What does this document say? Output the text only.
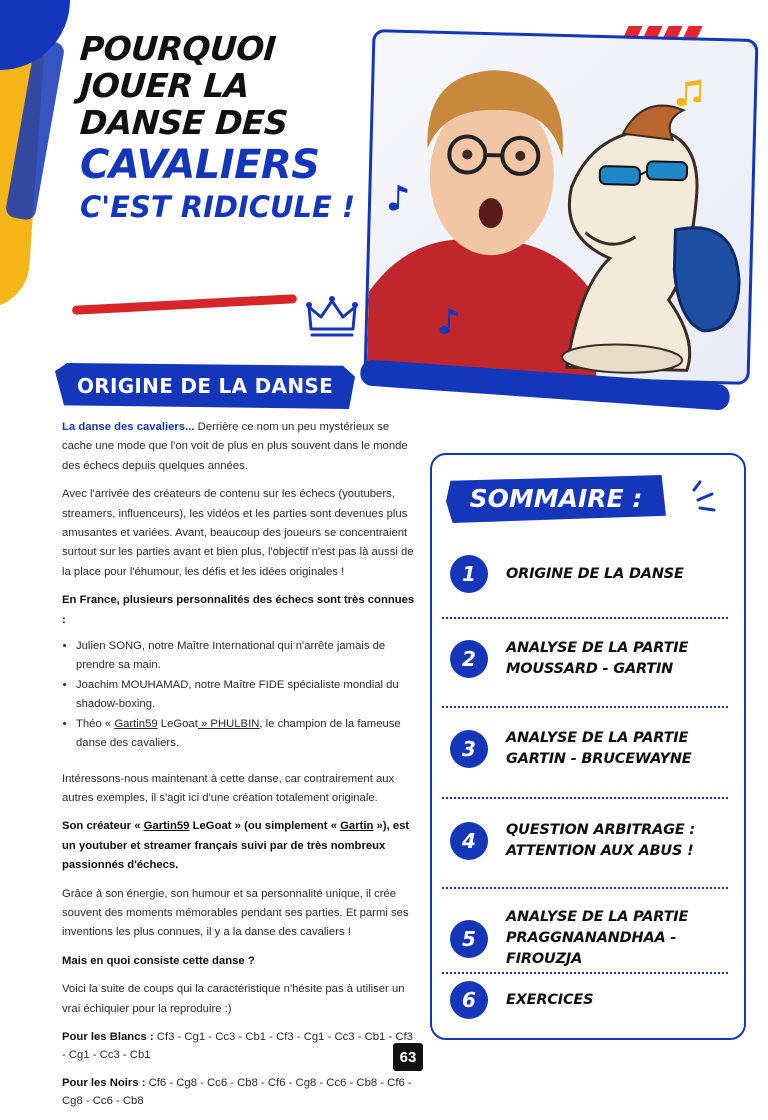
POURQUOI
JOUER LA
DANSE DES
CAVALIERS
C'EST RIDICULE !
ORIGINE DE LA DANSE

La danse des cavaliers... Derrière ce nom un peu mystérieux se cache une mode que l'on voit de plus en plus souvent dans le monde des échecs depuis quelques années.

Avec l'arrivée des créateurs de contenu sur les échecs (youtubers, streamers, influenceurs), les vidéos et les parties sont devenues plus amusantes et variées. Avant, beaucoup des joueurs se concentraient surtout sur les parties avant et bien plus, l'objectif n'est pas là aussi de la place pour l'éhumour, les défis et les idées originales !

En France, plusieurs personnalités des échecs sont très connues :

• Julien SONG, notre Maître International qui n'arrête jamais de prendre sa main.
• Joachim MOUHAMAD, notre Maître FIDE spécialiste mondial du shadow-boxing.
• Théo « Gartin59 LeGoat » PHULBIN, le champion de la fameuse danse des cavaliers.

Intéressons-nous maintenant à cette danse, car contrairement aux autres exemples, il s'agit ici d'une création totalement originale.

Son créateur « Gartin59 LeGoat » (ou simplement « Gartin »), est un youtuber et streamer français suivi par de très nombreux passionnés d'échecs.

Grâce à son énergie, son humour et sa personnalité unique, il crée souvent des moments mémorables pendant ses parties. Et parmi ses inventions les plus connues, il y a la danse des cavaliers !

Mais en quoi consiste cette danse ?

Voici la suite de coups qui la caractéristique n'hésite pas à utiliser un vrai échiquier pour la reproduire :)

Pour les Blancs : Cf3 - Cg1 - Cc3 - Cb1 - Cf3 - Cg1 - Cc3 - Cb1 - Cf3 - Cg1 - Cc3 - Cb1

Pour les Noirs : Cf6 - Cg8 - Cc6 - Cb8 - Cf6 - Cg8 - Cc6 - Cb8 - Cf6 - Cg8 - Cc6 - Cb8

SOMMAIRE :
1	ORIGINE DE LA DANSE
2	ANALYSE DE LA PARTIE
MOUSSARD - GARTIN
3	ANALYSE DE LA PARTIE
GARTIN - BRUCEWAYNE
4	QUESTION ARBITRAGE :
ATTENTION AUX ABUS !
5
ANALYSE DE LA PARTIE
PRAGGNANANDHAA - FIROUZJA
6	EXERCICES
63
